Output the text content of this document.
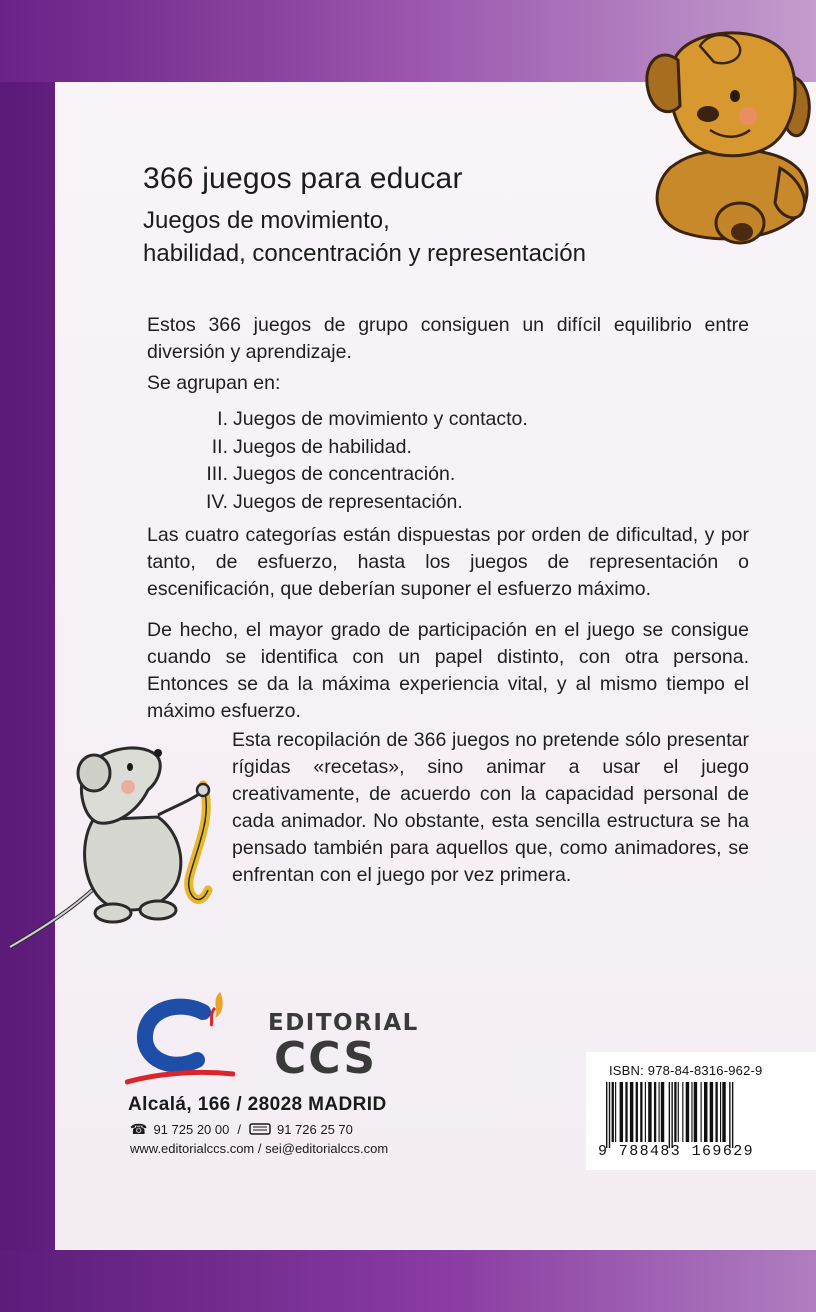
366 juegos para educar
Juegos de movimiento,
habilidad, concentración y representación

Estos 366 juegos de grupo consiguen un difícil equilibrio entre diversión y aprendizaje.

Se agrupan en:

I. Juegos de movimiento y contacto.
II. Juegos de habilidad.
III. Juegos de concentración.
IV. Juegos de representación.

Las cuatro categorías están dispuestas por orden de dificultad, y por tanto, de esfuerzo, hasta los juegos de representación o escenificación, que deberían suponer el esfuerzo máximo.

De hecho, el mayor grado de participación en el juego se consigue cuando se identifica con un papel distinto, con otra persona. Entonces se da la máxima experiencia vital, y al mismo tiempo el máximo esfuerzo.

Esta recopilación de 366 juegos no pretende sólo presentar rígidas «recetas», sino animar a usar el juego creativamente, de acuerdo con la capacidad personal de cada animador. No obstante, esta sencilla estructura se ha pensado también para aquellos que, como animadores, se enfrentan con el juego por vez primera.

EDITORIAL
CCS

Alcalá, 166 / 28028 MADRID

☎ 91 725 20 00 /	91 726 25 70
www.editorialccs.com / sei@editorialccs.com
ISBN: 978-84-8316-962-9
9 788483 169629
